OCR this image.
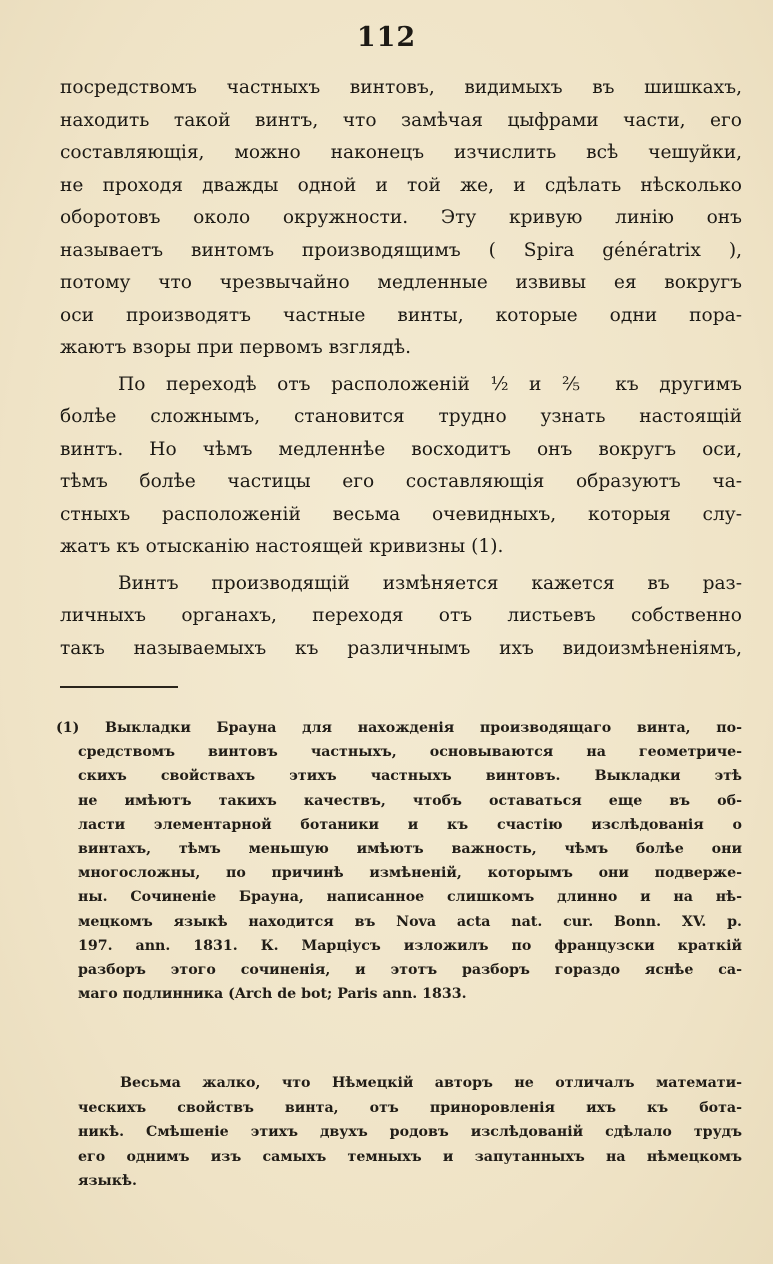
112

посредствомъ частныхъ винтовъ, видимыхъ въ шишкахъ,
находить такой винтъ, что замѣчая цыфрами части, его
составляющія, можно наконецъ изчислить всѣ чешуйки,
не проходя дважды одной и той же, и сдѣлать нѣсколько
оборотовъ около окружности. Эту кривую линію онъ
называетъ винтомъ производящимъ ( Spira génératrix ),
потому что чрезвычайно медленные извивы ея вокругъ
оси производятъ частные винты, которые одни пора-
жаютъ взоры при первомъ взглядѣ.

По переходѣ отъ расположеній ½ и ⅖ къ другимъ
болѣе сложнымъ, становится трудно узнать настоящій
винтъ. Но чѣмъ медленнѣе восходитъ онъ вокругъ оси,
тѣмъ болѣе частицы его составляющія образуютъ ча-
стныхъ расположеній весьма очевидныхъ, которыя слу-
жатъ къ отысканію настоящей кривизны (1).

Винтъ производящій измѣняется кажется въ раз-
личныхъ органахъ, переходя отъ листьевъ собственно
такъ называемыхъ къ различнымъ ихъ видоизмѣненіямъ,

(1) Выкладки Брауна для нахожденія производящаго винта, по-
средствомъ винтовъ частныхъ, основываются на геометриче-
скихъ свойствахъ этихъ частныхъ винтовъ. Выкладки этѣ
не имѣютъ такихъ качествъ, чтобъ оставаться еще въ об-
ласти элементарной ботаники и къ счастію изслѣдованія о
винтахъ, тѣмъ меньшую имѣютъ важность, чѣмъ болѣе они
многосложны, по причинѣ измѣненій, которымъ они подверже-
ны. Сочиненіе Брауна, написанное слишкомъ длинно и на нѣ-
мецкомъ языкѣ находится въ Nova acta nat. cur. Bonn. XV. p.
197. ann. 1831. К. Марціусъ изложилъ по французски краткій
разборъ этого сочиненія, и этотъ разборъ гораздо яснѣе са-
маго подлинника (Arch de bot; Paris ann. 1833.
Весьма жалко, что Нѣмецкій авторъ не отличалъ математи-
ческихъ свойствъ винта, отъ приноровленія ихъ къ бота-
никѣ. Смѣшеніе этихъ двухъ родовъ изслѣдованій сдѣлало трудъ
его однимъ изъ самыхъ темныхъ и запутанныхъ на нѣмецкомъ
языкѣ.
